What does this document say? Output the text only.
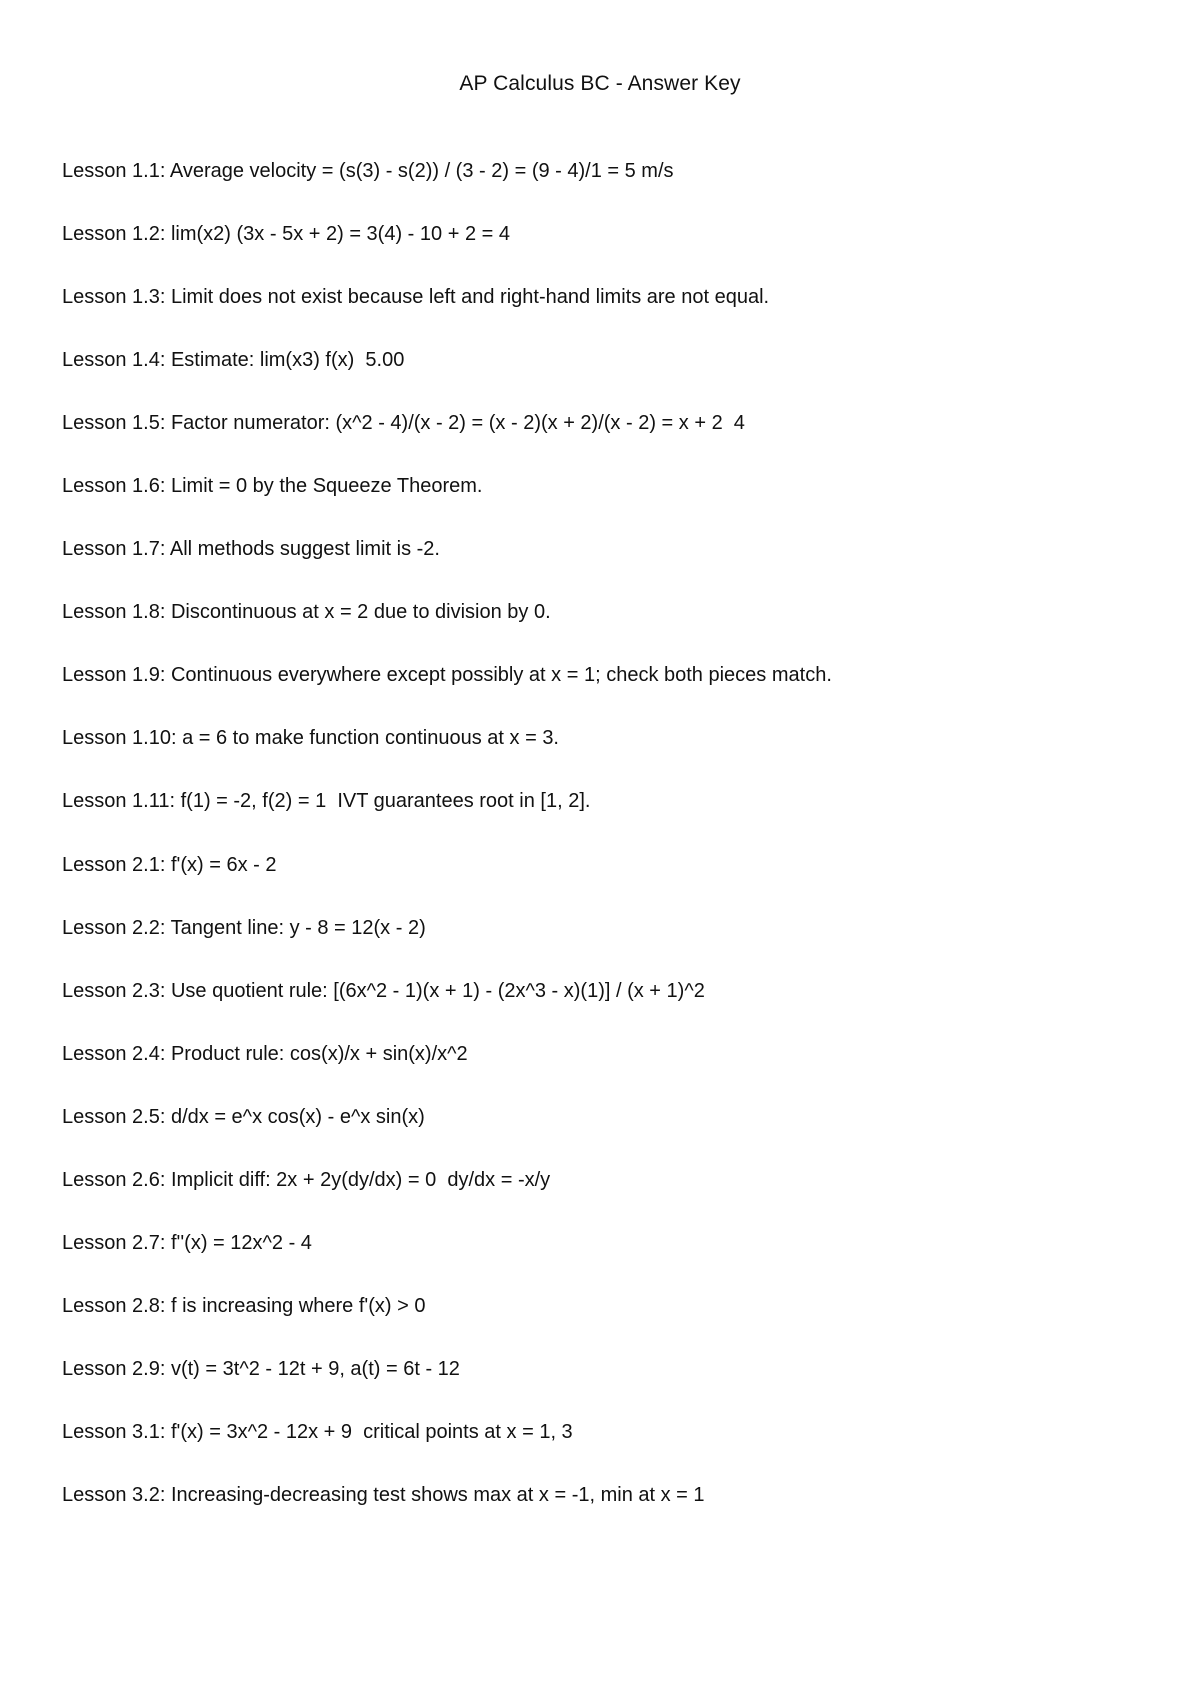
AP Calculus BC - Answer Key
Lesson 1.1: Average velocity = (s(3) - s(2)) / (3 - 2) = (9 - 4)/1 = 5 m/s
Lesson 1.2: lim(x2) (3x - 5x + 2) = 3(4) - 10 + 2 = 4
Lesson 1.3: Limit does not exist because left and right-hand limits are not equal.
Lesson 1.4: Estimate: lim(x3) f(x)  5.00
Lesson 1.5: Factor numerator: (x^2 - 4)/(x - 2) = (x - 2)(x + 2)/(x - 2) = x + 2  4
Lesson 1.6: Limit = 0 by the Squeeze Theorem.
Lesson 1.7: All methods suggest limit is -2.
Lesson 1.8: Discontinuous at x = 2 due to division by 0.
Lesson 1.9: Continuous everywhere except possibly at x = 1; check both pieces match.
Lesson 1.10: a = 6 to make function continuous at x = 3.
Lesson 1.11: f(1) = -2, f(2) = 1  IVT guarantees root in [1, 2].
Lesson 2.1: f'(x) = 6x - 2
Lesson 2.2: Tangent line: y - 8 = 12(x - 2)
Lesson 2.3: Use quotient rule: [(6x^2 - 1)(x + 1) - (2x^3 - x)(1)] / (x + 1)^2
Lesson 2.4: Product rule: cos(x)/x + sin(x)/x^2
Lesson 2.5: d/dx = e^x cos(x) - e^x sin(x)
Lesson 2.6: Implicit diff: 2x + 2y(dy/dx) = 0  dy/dx = -x/y
Lesson 2.7: f''(x) = 12x^2 - 4
Lesson 2.8: f is increasing where f'(x) > 0
Lesson 2.9: v(t) = 3t^2 - 12t + 9, a(t) = 6t - 12
Lesson 3.1: f'(x) = 3x^2 - 12x + 9  critical points at x = 1, 3
Lesson 3.2: Increasing-decreasing test shows max at x = -1, min at x = 1
